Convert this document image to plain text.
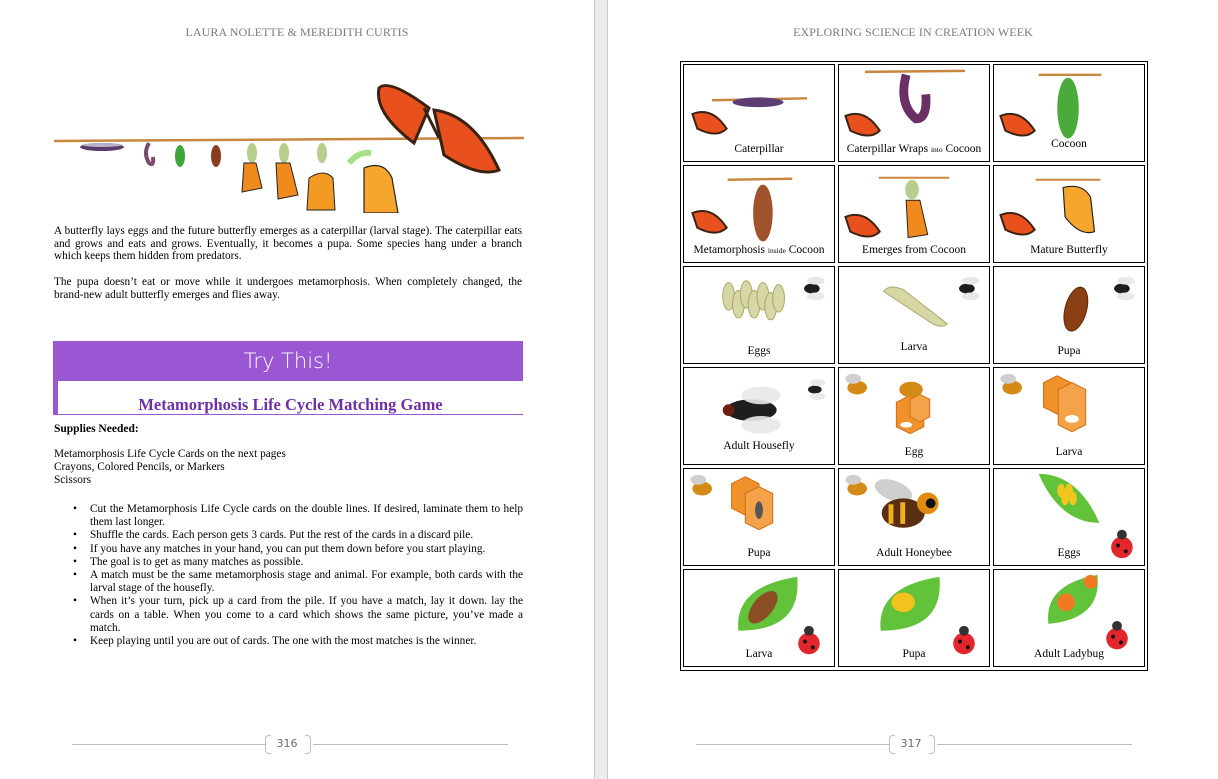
LAURA NOLETTE & MEREDITH CURTIS

A butterfly lays eggs and the future butterfly emerges as a caterpillar (larval stage). The caterpillar eats and grows and eats and grows. Eventually, it becomes a pupa. Some species hang under a branch which keeps them hidden from predators.

The pupa doesn’t eat or move while it undergoes metamorphosis. When completely changed, the brand-new adult butterfly emerges and flies away.

Try This!
Metamorphosis Life Cycle Matching Game
Supplies Needed:
Metamorphosis Life Cycle Cards on the next pages
Crayons, Colored Pencils, or Markers
Scissors
• Cut the Metamorphosis Life Cycle cards on the double lines. If desired, laminate them to help them last longer.
• Shuffle the cards. Each person gets 3 cards. Put the rest of the cards in a discard pile.
• If you have any matches in your hand, you can put them down before you start playing.
• The goal is to get as many matches as possible.
• A match must be the same metamorphosis stage and animal. For example, both cards with the larval stage of the housefly.
• When it’s your turn, pick up a card from the pile. If you have a match, lay it down. lay the cards on a table. When you come to a card which shows the same picture, you’ve made a match.
• Keep playing until you are out of cards. The one with the most matches is the winner.
316
EXPLORING SCIENCE IN CREATION WEEK
317
Caterpillar	Caterpillar Wraps into Cocoon	Cocoon
Metamorphosis inside Cocoon	Emerges from Cocoon	Mature Butterfly
Eggs	Larva	Pupa
Adult Housefly	Egg	Larva
Pupa	Adult Honeybee	Eggs
Larva	Pupa	Adult Ladybug
